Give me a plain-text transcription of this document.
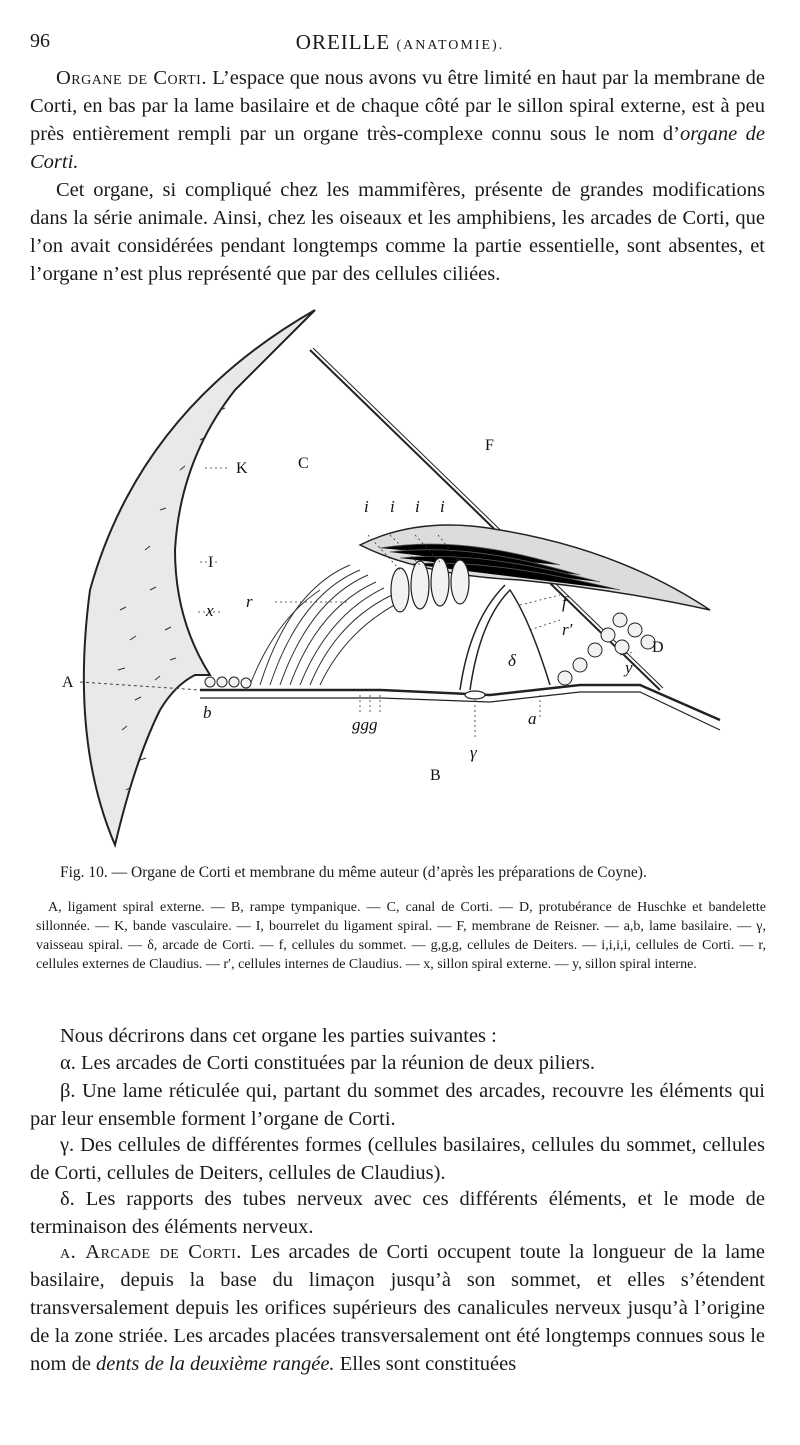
96	OREILLE (ANATOMIE).

Organe de Corti. L’espace que nous avons vu être limité en haut par la membrane de Corti, en bas par la lame basilaire et de chaque côté par le sillon spiral externe, est à peu près entièrement rempli par un organe très-complexe connu sous le nom d’organe de Corti.

Cet organe, si compliqué chez les mammifères, présente de grandes modifications dans la série animale. Ainsi, chez les oiseaux et les amphibiens, les arcades de Corti, que l’on avait considérées pendant longtemps comme la partie essentielle, sont absentes, et l’organe n’est plus représenté que par des cellules ciliées.

A
B
C
D
F
I
K
x r
r′
f
y
δ
b	a
γ
ggg
i i i i

Fig. 10. — Organe de Corti et membrane du même auteur (d’après les préparations de Coyne).

A, ligament spiral externe. — B, rampe tympanique. — C, canal de Corti. — D, protubérance de Huschke et bandelette sillonnée. — K, bande vasculaire. — I, bourrelet du ligament spiral. — F, membrane de Reisner. — a,b, lame basilaire. — γ, vaisseau spiral. — δ, arcade de Corti. — f, cellules du sommet. — g,g,g, cellules de Deiters. — i,i,i,i, cellules de Corti. — r, cellules externes de Claudius. — r′, cellules internes de Claudius. — x, sillon spiral externe. — y, sillon spiral interne.

Nous décrirons dans cet organe les parties suivantes :

α. Les arcades de Corti constituées par la réunion de deux piliers.

β. Une lame réticulée qui, partant du sommet des arcades, recouvre les éléments qui par leur ensemble forment l’organe de Corti.

γ. Des cellules de différentes formes (cellules basilaires, cellules du sommet, cellules de Corti, cellules de Deiters, cellules de Claudius).

δ. Les rapports des tubes nerveux avec ces différents éléments, et le mode de terminaison des éléments nerveux.

α. Arcade de Corti. Les arcades de Corti occupent toute la longueur de la lame basilaire, depuis la base du limaçon jusqu’à son sommet, et elles s’étendent transversalement depuis les orifices supérieurs des canalicules nerveux jusqu’à l’origine de la zone striée. Les arcades placées transversalement ont été longtemps connues sous le nom de dents de la deuxième rangée. Elles sont constituées
